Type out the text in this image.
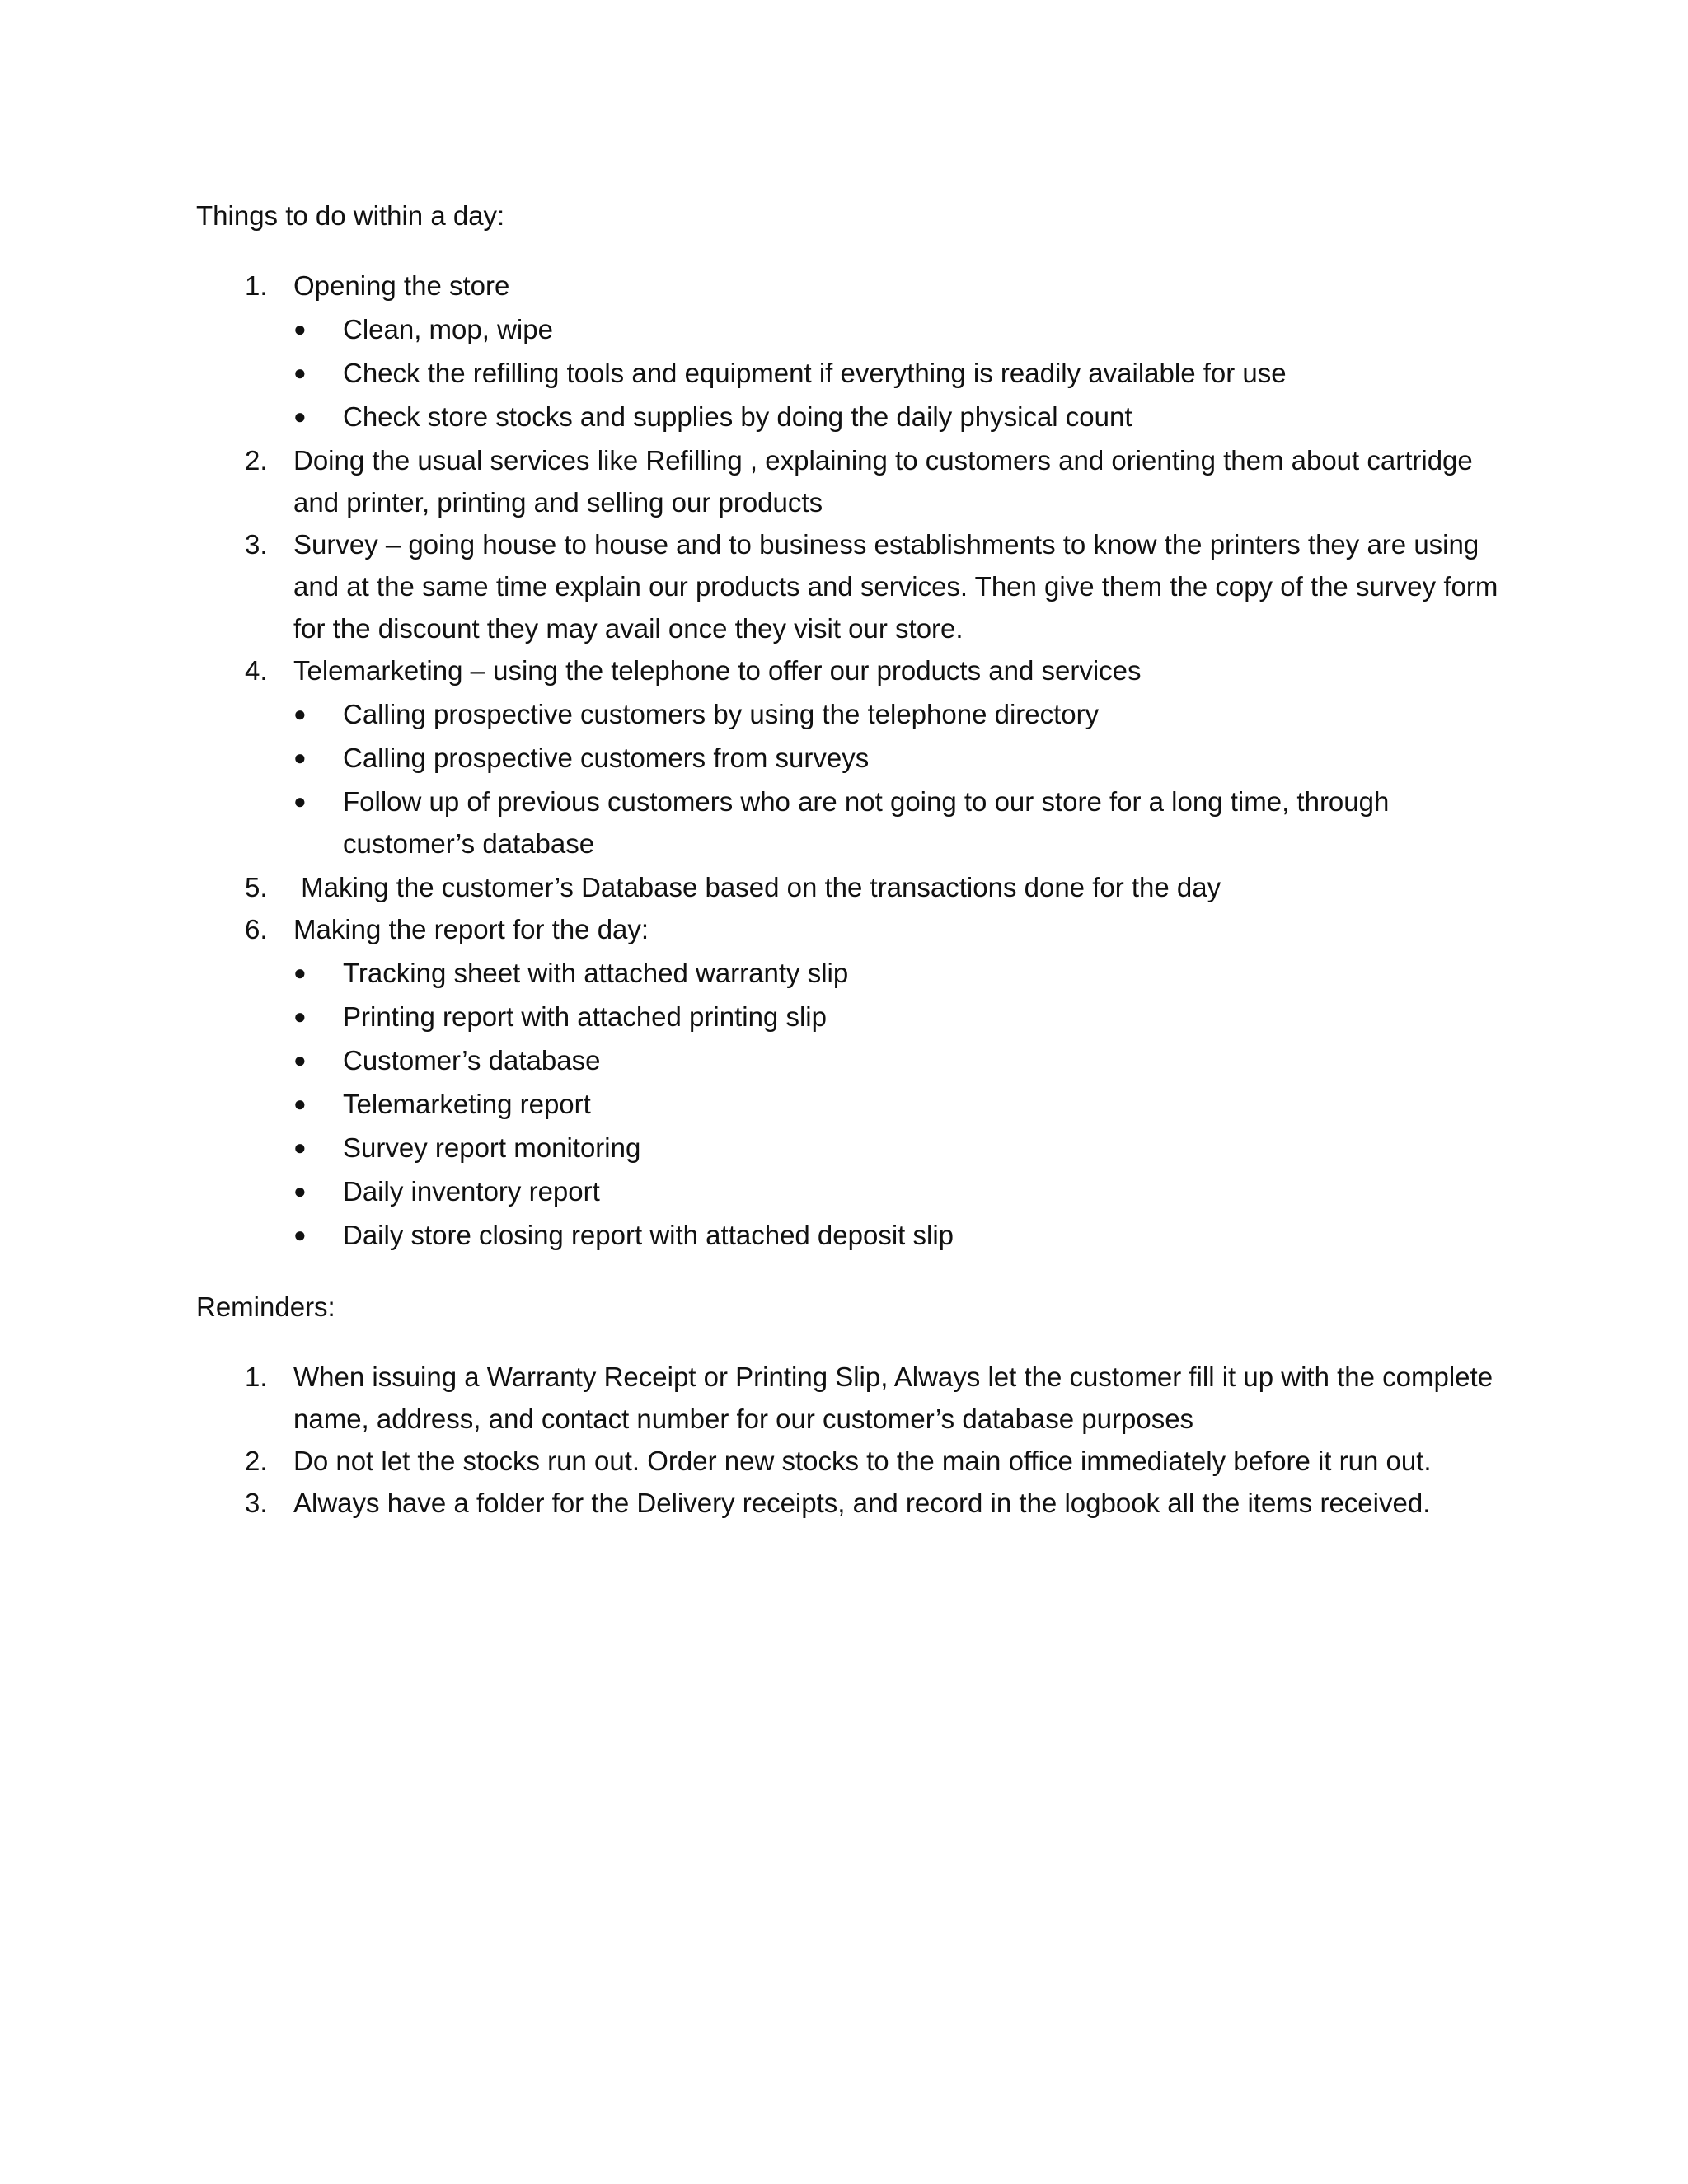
Things to do within a day:

1. Opening the store
●	Clean, mop, wipe
●	Check the refilling tools and equipment if everything is readily available for use
●	Check store stocks and supplies by doing the daily physical count
2. Doing the usual services like Refilling , explaining to customers and orienting them about cartridge and printer, printing and selling our products
3. Survey – going house to house and to business establishments to know the printers they are using and at the same time explain our products and services. Then give them the copy of the survey form for the discount they may avail once they visit our store.
4. Telemarketing – using the telephone to offer our products and services
●	Calling prospective customers by using the telephone directory
●	Calling prospective customers from surveys
●	Follow up of previous customers who are not going to our store for a long time, through customer’s database
5. Making the customer’s Database based on the transactions done for the day
6. Making the report for the day:
●	Tracking sheet with attached warranty slip
●	Printing report with attached printing slip
●	Customer’s database
●	Telemarketing report
●	Survey report monitoring
●	Daily inventory report
●	Daily store closing report with attached deposit slip

Reminders:

1. When issuing a Warranty Receipt or Printing Slip, Always let the customer fill it up with the complete name, address, and contact number for our customer’s database purposes
2. Do not let the stocks run out. Order new stocks to the main office immediately before it run out.
3. Always have a folder for the Delivery receipts, and record in the logbook all the items received.
